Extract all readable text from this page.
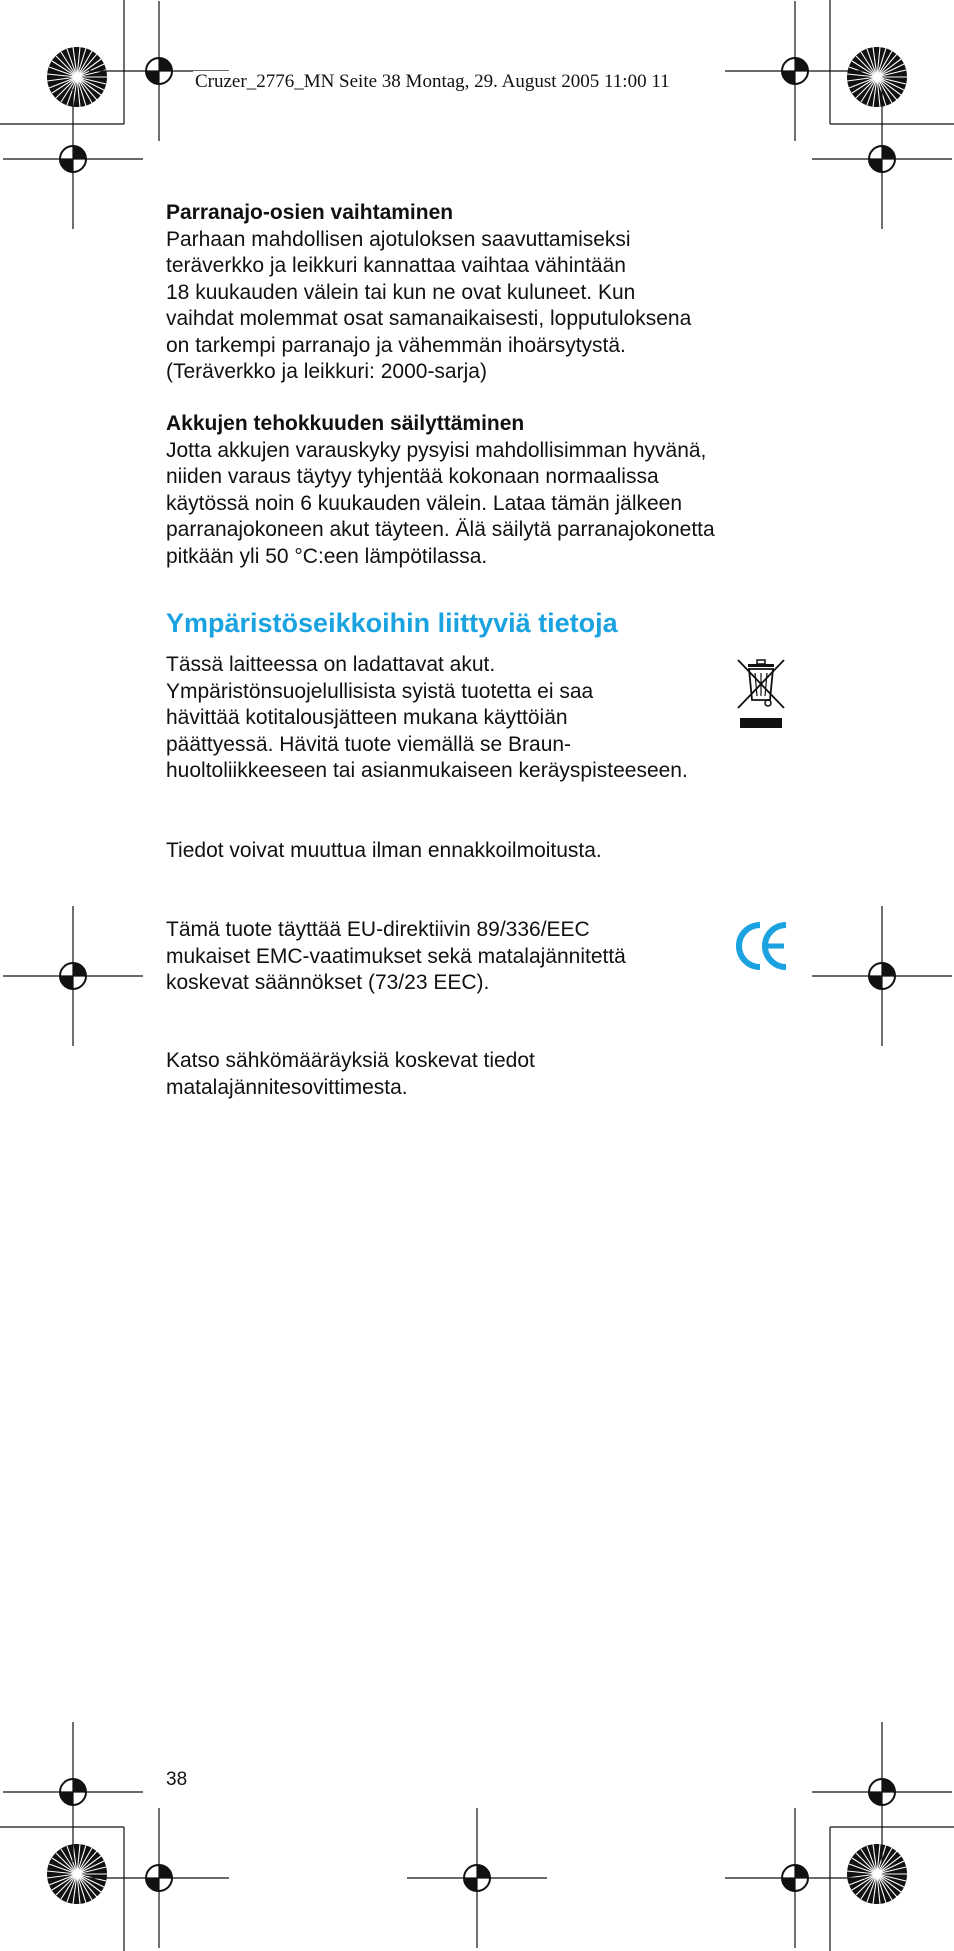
Cruzer_2776_MN Seite 38 Montag, 29. August 2005 11:00 11

Parranajo-osien vaihtaminen

Parhaan mahdollisen ajotuloksen saavuttamiseksi
teräverkko ja leikkuri kannattaa vaihtaa vähintään
18 kuukauden välein tai kun ne ovat kuluneet. Kun
vaihdat molemmat osat samanaikaisesti, lopputuloksena
on tarkempi parranajo ja vähemmän ihoärsytystä.
(Teräverkko ja leikkuri: 2000-sarja)

Akkujen tehokkuuden säilyttäminen

Jotta akkujen varauskyky pysyisi mahdollisimman hyvänä,
niiden varaus täytyy tyhjentää kokonaan normaalissa
käytössä noin 6 kuukauden välein. Lataa tämän jälkeen
parranajokoneen akut täyteen. Älä säilytä parranajokonetta
pitkään yli 50 °C:een lämpötilassa.
Ympäristöseikkoihin liittyviä tietoja
Tässä laitteessa on ladattavat akut.
Ympäristönsuojelullisista syistä tuotetta ei saa
hävittää kotitalousjätteen mukana käyttöiän
päättyessä. Hävitä tuote viemällä se Braun-
huoltoliikkeeseen tai asianmukaiseen keräyspisteeseen.
Tiedot voivat muuttua ilman ennakkoilmoitusta.
Tämä tuote täyttää EU-direktiivin 89/336/EEC
mukaiset EMC-vaatimukset sekä matalajännitettä
koskevat säännökset (73/23 EEC).
Katso sähkömääräyksiä koskevat tiedot
matalajännitesovittimesta.
38
